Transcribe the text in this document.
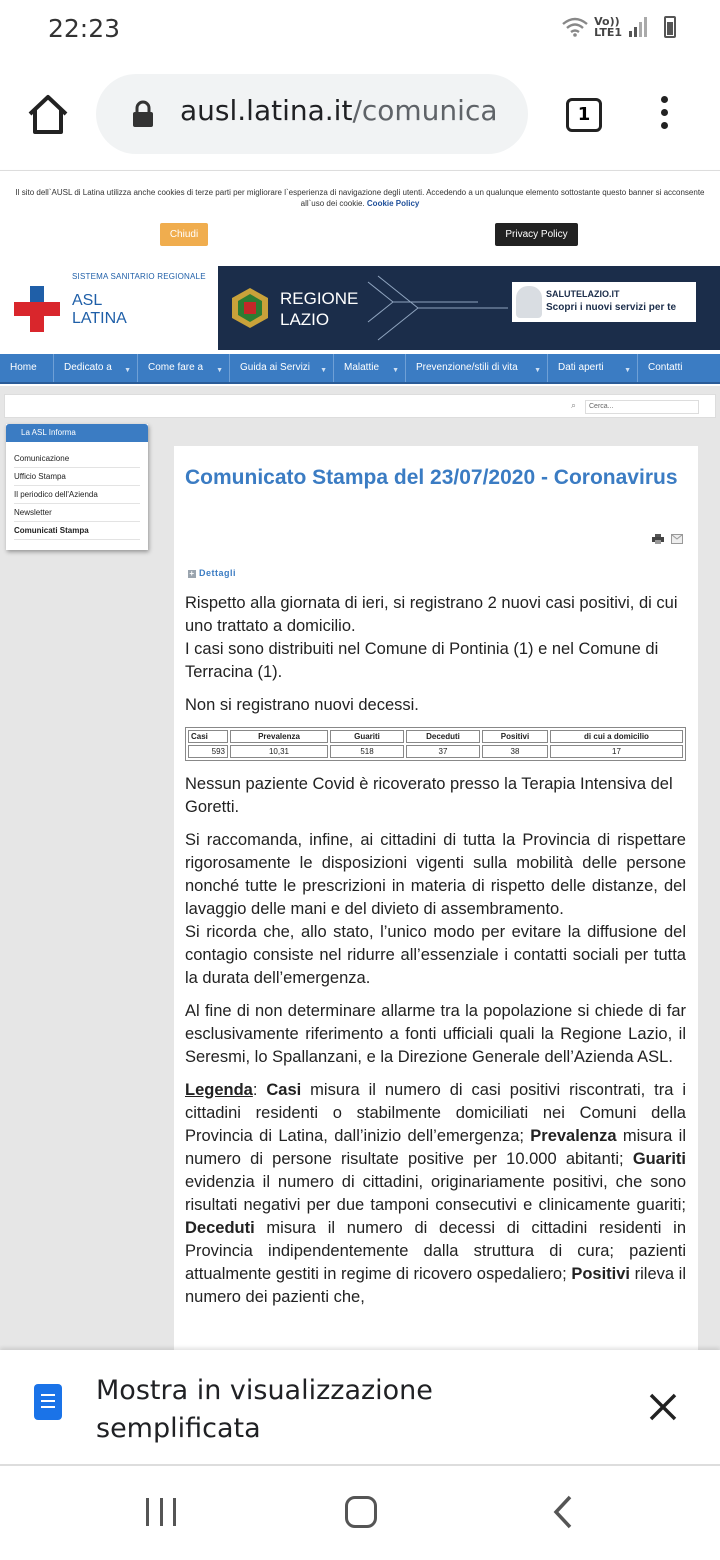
22:23	Vo))
LTE1
ausl.latina.it/comunica	1
Il sito dell`AUSL di Latina utilizza anche cookies di terze parti per migliorare l`esperienza di navigazione degli utenti. Accedendo a un qualunque elemento sottostante questo banner si acconsente all`uso dei cookie. Cookie Policy
Chiudi	Privacy Policy
SISTEMA SANITARIO REGIONALE
ASL
LATINA
REGIONE
LAZIO
SALUTELAZIO.IT
Scopri i nuovi servizi per te
Home	Dedicato a ▼	Come fare a ▼	Guida ai Servizi ▼	Malattie ▼	Prevenzione/stili di vita ▼	Dati aperti	▼	Contatti
⌕	Cerca...
La ASL Informa
Comunicazione
Ufficio Stampa
Il periodico dell'Azienda
Newsletter
Comunicati Stampa
Comunicato Stampa del 23/07/2020 - Coronavirus
+ Dettagli

Rispetto alla giornata di ieri, si registrano 2 nuovi casi positivi, di cui uno trattato a domicilio.
I casi sono distribuiti nel Comune di Pontinia (1) e nel Comune di Terracina (1).

Non si registrano nuovi decessi.

Casi	Prevalenza	Guariti	Deceduti	Positivi	di cui a domicilio
593	10,31	518	37	38	17

Nessun paziente Covid è ricoverato presso la Terapia Intensiva del Goretti.

Si raccomanda, infine, ai cittadini di tutta la Provincia di rispettare rigorosamente le disposizioni vigenti sulla mobilità delle persone nonché tutte le prescrizioni in materia di rispetto delle distanze, del lavaggio delle mani e del divieto di assembramento.
Si ricorda che, allo stato, l’unico modo per evitare la diffusione del contagio consiste nel ridurre all’essenziale i contatti sociali per tutta la durata dell’emergenza.

Al fine di non determinare allarme tra la popolazione si chiede di far esclusivamente riferimento a fonti ufficiali quali la Regione Lazio, il Seresmi, lo Spallanzani, e la Direzione Generale dell’Azienda ASL.

Legenda: Casi misura il numero di casi positivi riscontrati, tra i cittadini residenti o stabilmente domiciliati nei Comuni della Provincia di Latina, dall’inizio dell’emergenza; Prevalenza misura il numero di persone risultate positive per 10.000 abitanti; Guariti evidenzia il numero di cittadini, originariamente positivi, che sono risultati negativi per due tamponi consecutivi e clinicamente guariti; Deceduti misura il numero di decessi di cittadini residenti in Provincia indipendentemente dalla struttura di cura; pazienti attualmente gestiti in regime di ricovero ospedaliero; Positivi rileva il numero dei pazienti che,

Mostra in visualizzazione semplificata
